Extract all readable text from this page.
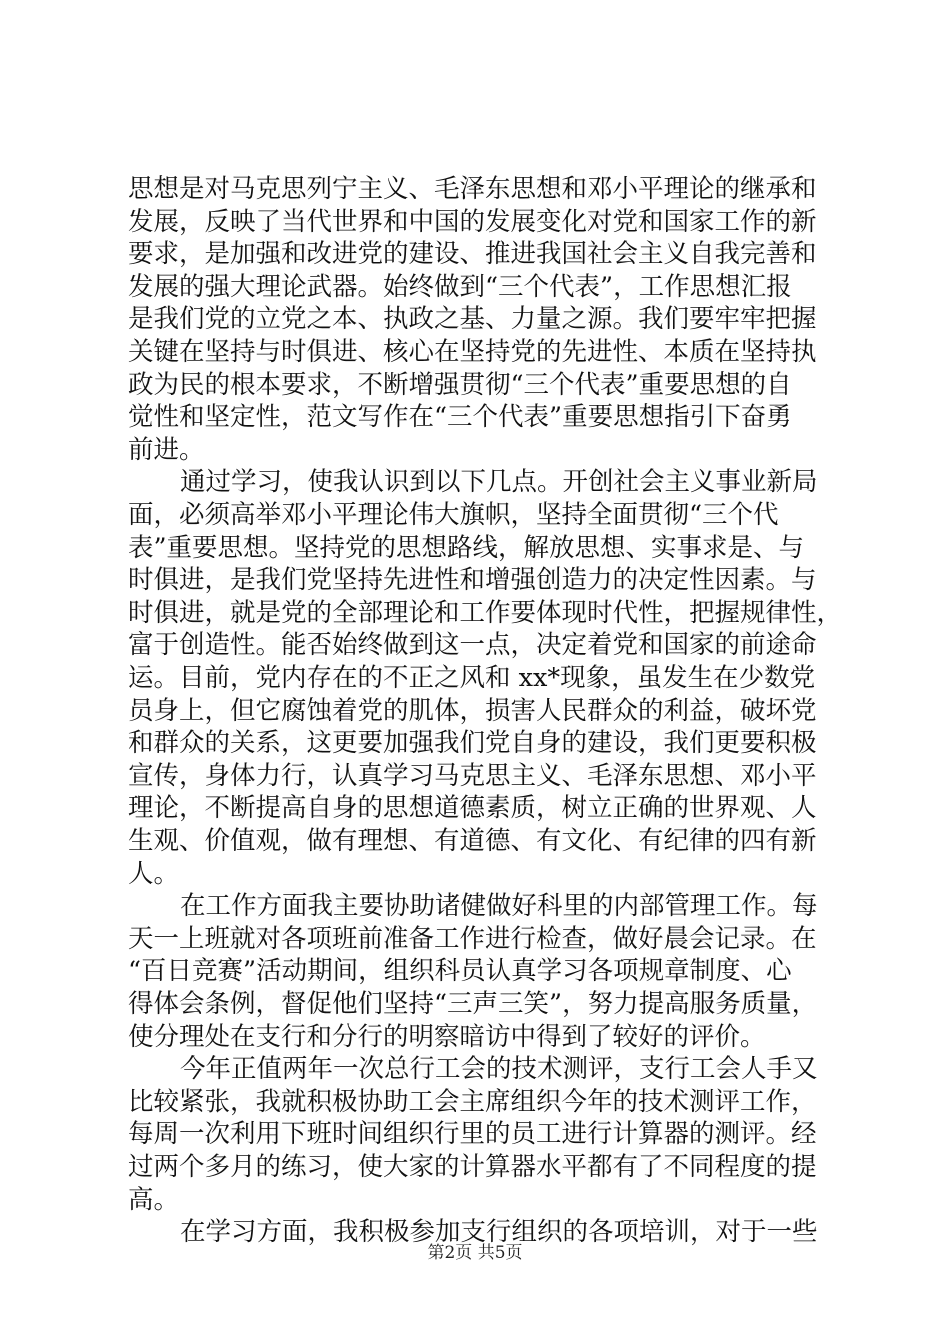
思想是对马克思列宁主义、毛泽东思想和邓小平理论的继承和
发展，反映了当代世界和中国的发展变化对党和国家工作的新
要求，是加强和改进党的建设、推进我国社会主义自我完善和
发展的强大理论武器。始终做到“三个代表”，工作思想汇报
是我们党的立党之本、执政之基、力量之源。我们要牢牢把握
关键在坚持与时俱进、核心在坚持党的先进性、本质在坚持执
政为民的根本要求，不断增强贯彻“三个代表”重要思想的自
觉性和坚定性，范文写作在“三个代表”重要思想指引下奋勇
前进。
通过学习，使我认识到以下几点。开创社会主义事业新局
面，必须高举邓小平理论伟大旗帜，坚持全面贯彻“三个代
表”重要思想。坚持党的思想路线，解放思想、实事求是、与
时俱进，是我们党坚持先进性和增强创造力的决定性因素。与
时俱进，就是党的全部理论和工作要体现时代性，把握规律性，
富于创造性。能否始终做到这一点，决定着党和国家的前途命
运。目前，党内存在的不正之风和 xx*现象，虽发生在少数党
员身上，但它腐蚀着党的肌体，损害人民群众的利益，破坏党
和群众的关系，这更要加强我们党自身的建设，我们更要积极
宣传，身体力行，认真学习马克思主义、毛泽东思想、邓小平
理论，不断提高自身的思想道德素质，树立正确的世界观、人
生观、价值观，做有理想、有道德、有文化、有纪律的四有新
人。
在工作方面我主要协助诸健做好科里的内部管理工作。每
天一上班就对各项班前准备工作进行检查，做好晨会记录。在
“百日竞赛”活动期间，组织科员认真学习各项规章制度、心
得体会条例，督促他们坚持“三声三笑”，努力提高服务质量，
使分理处在支行和分行的明察暗访中得到了较好的评价。
今年正值两年一次总行工会的技术测评，支行工会人手又
比较紧张，我就积极协助工会主席组织今年的技术测评工作，
每周一次利用下班时间组织行里的员工进行计算器的测评。经
过两个多月的练习，使大家的计算器水平都有了不同程度的提
高。
在学习方面，我积极参加支行组织的各项培训，对于一些
第2页 共5页
